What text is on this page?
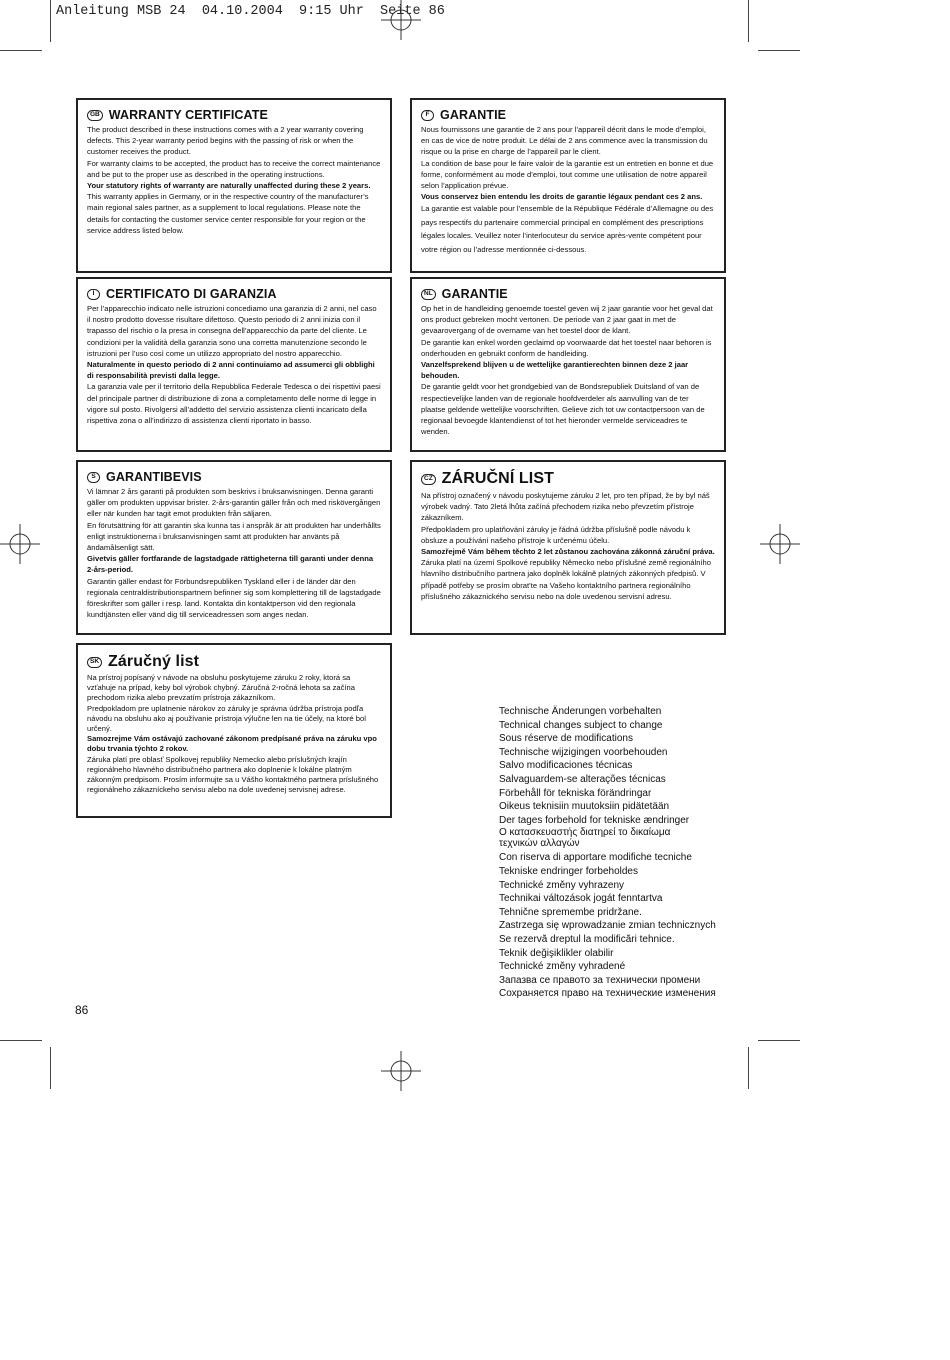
Anleitung MSB 24  04.10.2004  9:15 Uhr  Seite 86
GB WARRANTY CERTIFICATE

The product described in these instructions comes with a 2 year warranty covering defects. This 2-year warranty period begins with the passing of risk or when the customer receives the product.

For warranty claims to be accepted, the product has to receive the correct maintenance and be put to the proper use as described in the operating instructions.

Your statutory rights of warranty are naturally unaffected during these 2 years.

This warranty applies in Germany, or in the respective country of the manufacturer’s main regional sales partner, as a supplement to local regulations. Please note the details for contacting the customer service center responsible for your region or the service address listed below.

F GARANTIE

Nous fournissons une garantie de 2 ans pour l’appareil décrit dans le mode d’emploi, en cas de vice de notre produit. Le délai de 2 ans commence avec la transmission du risque ou la prise en charge de l’appareil par le client.

La condition de base pour le faire valoir de la garantie est un entretien en bonne et due forme, conformément au mode d’emploi, tout comme une utilisation de notre appareil selon l’application prévue.

Vous conservez bien entendu les droits de garantie légaux pendant ces 2 ans.

La garantie est valable pour l’ensemble de la République Fédérale d’Allemagne ou des pays respectifs du partenaire commercial principal en complément des prescriptions légales locales. Veuillez noter l’interlocuteur du service après-vente compétent pour votre région ou l’adresse mentionnée ci-dessous.

I CERTIFICATO DI GARANZIA

Per l’apparecchio indicato nelle istruzioni concediamo una garanzia di 2 anni, nel caso il nostro prodotto dovesse risultare difettoso. Questo periodo di 2 anni inizia con il trapasso del rischio o la presa in consegna dell’apparecchio da parte del cliente. Le condizioni per la validità della garanzia sono una corretta manutenzione secondo le istruzioni per l’uso così come un utilizzo appropriato del nostro apparecchio.

Naturalmente in questo periodo di 2 anni continuiamo ad assumerci gli obblighi di responsabilità previsti dalla legge.

La garanzia vale per il territorio della Repubblica Federale Tedesca o dei rispettivi paesi del principale partner di distribuzione di zona a completamento delle norme di legge in vigore sul posto. Rivolgersi all’addetto del servizio assistenza clienti incaricato della rispettiva zona o all’indirizzo di assistenza clienti riportato in basso.

NL GARANTIE

Op het in de handleiding genoemde toestel geven wij 2 jaar garantie voor het geval dat ons product gebreken mocht vertonen. De periode van 2 jaar gaat in met de gevaarovergang of de overname van het toestel door de klant.

De garantie kan enkel worden geclaimd op voorwaarde dat het toestel naar behoren is onderhouden en gebruikt conform de handleiding.

Vanzelfsprekend blijven u de wettelijke garantierechten binnen deze 2 jaar behouden.

De garantie geldt voor het grondgebied van de Bondsrepubliek Duitsland of van de respectievelijke landen van de regionale hoofdverdeler als aanvulling van de ter plaatse geldende wettelijke voorschriften. Gelieve zich tot uw contactpersoon van de regionaal bevoegde klantendienst of tot het hieronder vermelde serviceadres te wenden.

S GARANTIBEVIS

Vi lämnar 2 års garanti på produkten som beskrivs i bruksanvisningen. Denna garanti gäller om produkten uppvisar brister. 2-års-garantin gäller från och med riskövergången eller när kunden har tagit emot produkten från säljaren.

En förutsättning för att garantin ska kunna tas i anspråk är att produkten har underhållts enligt instruktionerna i bruksanvisningen samt att produkten har använts på ändamålsenligt sätt.

Givetvis gäller fortfarande de lagstadgade rättigheterna till garanti under denna 2-års-period.

Garantin gäller endast för Förbundsrepubliken Tyskland eller i de länder där den regionala centraldistributionspartnern befinner sig som komplettering till de lagstadgade föreskrifter som gäller i resp. land. Kontakta din kontaktperson vid den regionala kundtjänsten eller vänd dig till serviceadressen som anges nedan.

CZ ZÁRUČNÍ LIST

Na přístroj označený v návodu poskytujeme záruku 2 let, pro ten případ, že by byl náš výrobek vadný. Tato 2letá lhůta začíná přechodem rizika nebo převzetím přístroje zákazníkem.

Předpokladem pro uplatňování záruky je řádná údržba příslušně podle návodu k obsluze a používání našeho přístroje k určenému účelu.

Samozřejmě Vám během těchto 2 let zůstanou zachována zákonná záruční práva.

Záruka platí na území Spolkové republiky Německo nebo příslušné země regionálního hlavního distribučního partnera jako doplněk lokálně platných zákonných předpisů. V případě potřeby se prosím obrat’te na Vašeho kontaktního partnera regionálního příslušného zákaznického servisu nebo na dole uvedenou servisní adresu.

SK Záručný list

Na prístroj popísaný v návode na obsluhu poskytujeme záruku 2 roky, ktorá sa vzťahuje na prípad, keby bol výrobok chybný. Záručná 2-ročná lehota sa začína prechodom rizika alebo prevzatím prístroja zákazníkom.

Predpokladom pre uplatnenie nárokov zo záruky je správna údržba prístroja podľa návodu na obsluhu ako aj používanie prístroja výlučne len na tie účely, na ktoré bol určený.

Samozrejme Vám ostávajú zachované zákonom predpísané práva na záruku vpo dobu trvania týchto 2 rokov.

Záruka platí pre oblasť Spolkovej republiky Nemecko alebo príslušných krajín regionálneho hlavného distribučného partnera ako doplnenie k lokálne platným zákonným predpisom. Prosím informujte sa u Vášho kontaktného partnera príslušného regionálneho zákazníckeho servisu alebo na dole uvedenej servisnej adrese.

Technische Änderungen vorbehalten
Technical changes subject to change
Sous réserve de modifications
Technische wijzigingen voorbehouden
Salvo modificaciones técnicas
Salvaguardem-se alterações técnicas
Förbehåll för tekniska förändringar
Oikeus teknisiin muutoksiin pidätetään
Der tages forbehold for tekniske ændringer
Ο κατασκευαστής διατηρεί το δικαίωμα τεχνικών αλλαγών
Con riserva di apportare modifiche tecniche
Tekniske endringer forbeholdes
Technické změny vyhrazeny
Technikai változások jogát fenntartva
Tehnične spremembe pridržane.
Zastrzega się wprowadzanie zmian technicznych
Se rezervă dreptul la modificări tehnice.
Teknik değişiklikler olabilir
Technické změny vyhradené
Запазва се правото за технически промени
Сохраняется право на технические изменения
86
